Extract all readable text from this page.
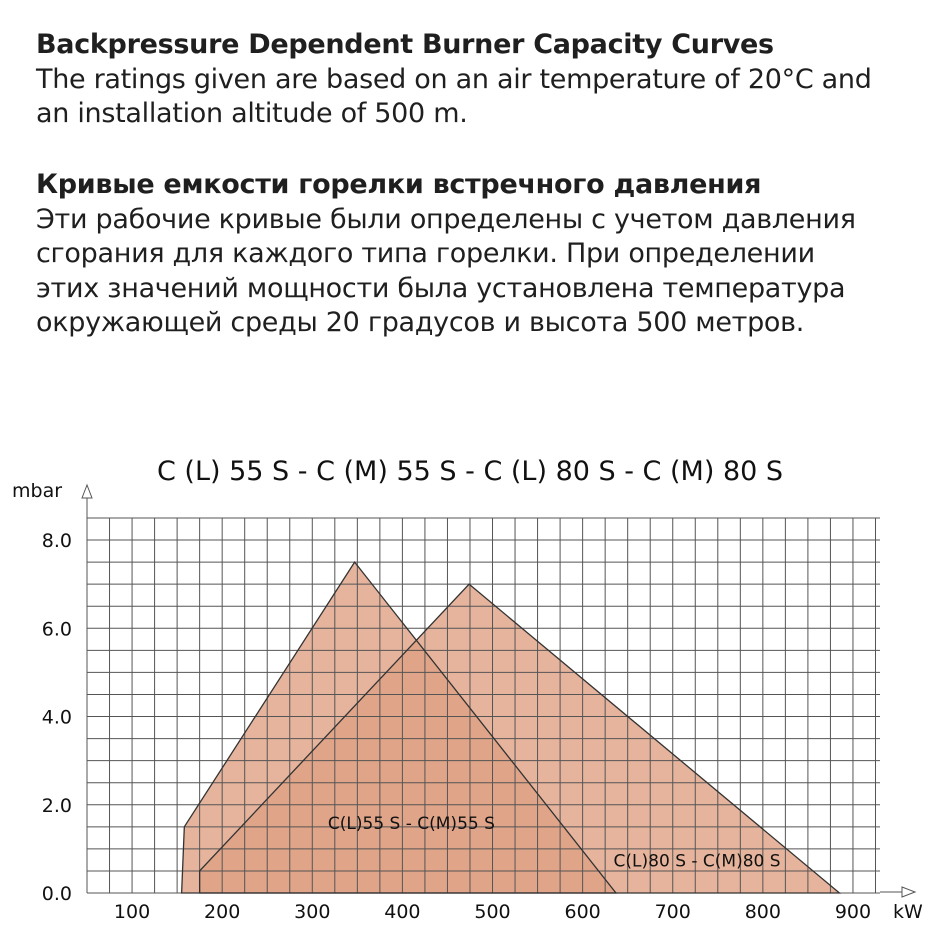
Backpressure Dependent Burner Capacity Curves
The ratings given are based on an air temperature of 20°C and
an installation altitude of 500 m.
Кривые емкости горелки встречного давления
Эти рабочие кривые были определены с учетом давления
сгорания для каждого типа горелки. При определении
этих значений мощности была установлена температура
окружающей среды 20 градусов и высота 500 метров.
C (L) 55 S - C (M) 55 S - C (L) 80 S - C (M) 80 S
mbar
kW
100	200	300	400	500	600	700	800	900
0.0
2.0
4.0
6.0
8.0
C(L)55 S - C(M)55 S
C(L)80 S - C(M)80 S
